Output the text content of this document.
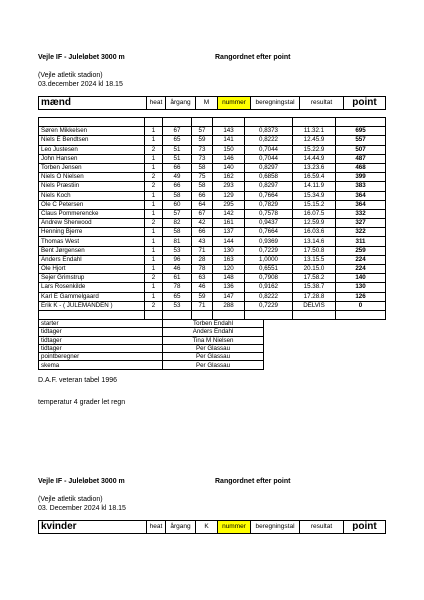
Vejle IF - Juleløbet 3000 m	Rangordnet efter point
(Vejle atletik stadion)
03.december 2024 kl 18.15
mænd	heat	årgang	M	nummer	beregningstal	resultat	point

Søren Mikkelsen	1	67	57	143	0,8373	11.32.1	695
Niels E Bendtsen	1	65	59	141	0,8222	12.45.9	557
Leo Justesen	2	51	73	150	0,7044	15.22.9	507
John Hansen	1	51	73	146	0,7044	14.44.9	487
Torben Jensen	1	66	58	140	0,8297	13.23.6	468
Niels O Nielsen	2	49	75	162	0,6858	16.59.4	399
Niels Præstiin	2	66	58	293	0,8297	14.11.9	383
Niels Koch	1	58	66	129	0,7664	15.34.9	364
Ole C Petersen	1	60	64	295	0,7829	15.15.2	364
Claus Pommerencke	1	57	67	142	0,7578	16.07.5	332
Andrew Sherwood	2	82	42	161	0,9437	12.59.9	327
Henning Bjerre	1	58	66	137	0,7664	16.03.6	322
Thomas West	1	81	43	144	0,9369	13.14.6	311
Bent Jørgensen	1	53	71	130	0,7229	17.50.8	259
Anders Endahl	1	96	28	163	1,0000	13.15.5	224
Ole Hjort	1	46	78	120	0,6551	20.15.0	224
Sejer Grimstrup	2	61	63	148	0,7908	17.58.2	140
Lars Rosenkilde	1	78	46	136	0,9162	15.38.7	130
Karl E Gammelgaard	1	65	59	147	0,8222	17.28.8	126
Erik K - ( JULEMANDEN )	2	53	71	288	0,7229	DELVIS	0

starter	Torben Endahl
tidtager	Anders Endahl
tidtager	Tina M Nielsen
tidtager	Per Glassau
pointberegner	Per Glassau
skema	Per Glassau
D.A.F. veteran tabel 1996
temperatur 4 grader let regn
Vejle IF - Juleløbet 3000 m	Rangordnet efter point
(Vejle atletik stadion)
03. December 2024 kl 18.15
kvinder	heat	årgang	K	nummer	beregningstal	resultat	point
